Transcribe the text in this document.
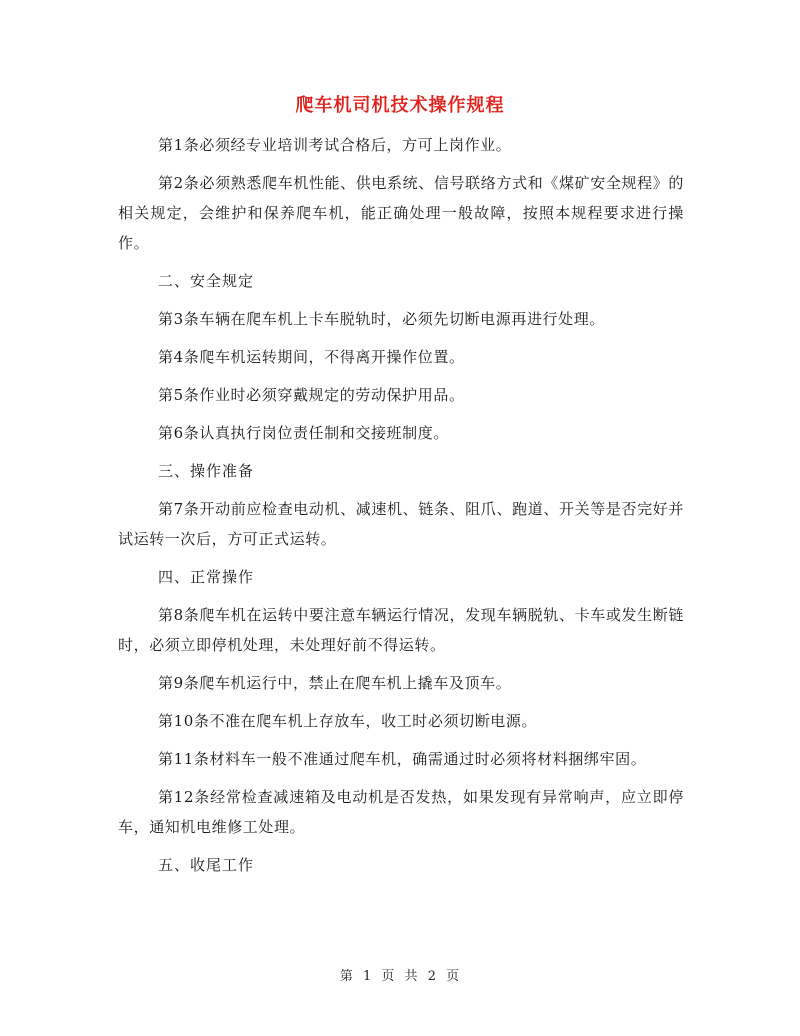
爬车机司机技术操作规程

第1条必须经专业培训考试合格后，方可上岗作业。

第2条必须熟悉爬车机性能、供电系统、信号联络方式和《煤矿安全规程》的相关规定，会维护和保养爬车机，能正确处理一般故障，按照本规程要求进行操作。

二、安全规定

第3条车辆在爬车机上卡车脱轨时，必须先切断电源再进行处理。

第4条爬车机运转期间，不得离开操作位置。

第5条作业时必须穿戴规定的劳动保护用品。

第6条认真执行岗位责任制和交接班制度。

三、操作准备

第7条开动前应检查电动机、减速机、链条、阻爪、跑道、开关等是否完好并试运转一次后，方可正式运转。

四、正常操作

第8条爬车机在运转中要注意车辆运行情况，发现车辆脱轨、卡车或发生断链时，必须立即停机处理，未处理好前不得运转。

第9条爬车机运行中，禁止在爬车机上撬车及顶车。

第10条不准在爬车机上存放车，收工时必须切断电源。

第11条材料车一般不准通过爬车机，确需通过时必须将材料捆绑牢固。

第12条经常检查减速箱及电动机是否发热，如果发现有异常响声，应立即停车，通知机电维修工处理。

五、收尾工作

第 1 页 共 2 页
